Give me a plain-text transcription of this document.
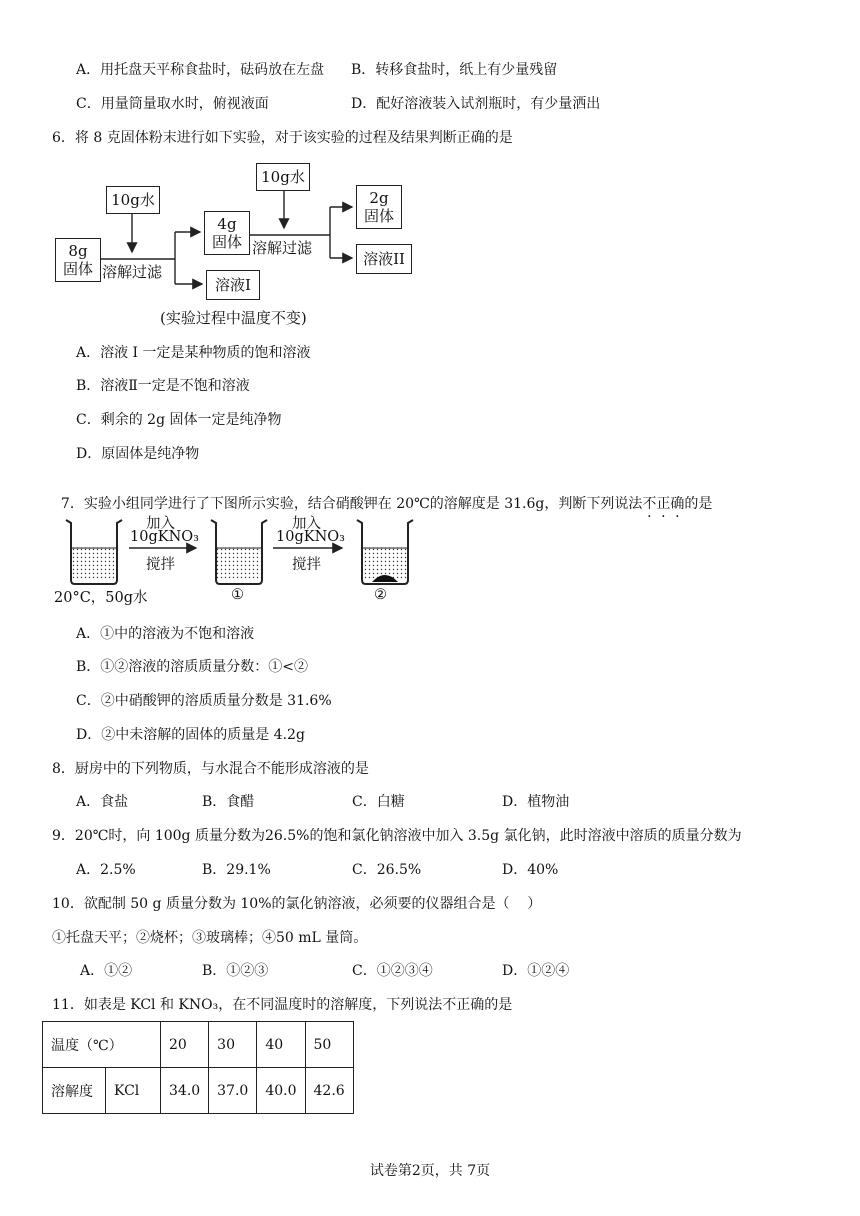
A．用托盘天平称食盐时，砝码放在左盘 B．转移食盐时，纸上有少量残留
C．用量筒量取水时，俯视液面	D．配好溶液装入试剂瓶时，有少量洒出
6．将 8 克固体粉末进行如下实验，对于该实验的过程及结果判断正确的是
10g水
8g
固体 溶解过滤
4g
固体
溶液I
10g水
溶解过滤
2g
固体
溶液II
(实验过程中温度不变)
A．溶液 I 一定是某种物质的饱和溶液
B．溶液Ⅱ一定是不饱和溶液
C．剩余的 2g 固体一定是纯净物
D．原固体是纯净物

7．实验小组同学进行了下图所示实验，结合硝酸钾在 20℃的溶解度是 31.6g，判断下列说法不正确的是

加入
10gKNO₃
搅拌
加入
10gKNO₃
搅拌
20°C，50g水	①	②
A．①中的溶液为不饱和溶液
B．①②溶液的溶质质量分数：①<②
C．②中硝酸钾的溶质质量分数是 31.6%
D．②中未溶解的固体的质量是 4.2g
8．厨房中的下列物质，与水混合不能形成溶液的是
A．食盐	B．食醋	C．白糖	D．植物油
9．20℃时，向 100g 质量分数为26.5%的饱和氯化钠溶液中加入 3.5g 氯化钠，此时溶液中溶质的质量分数为
A．2.5%	B．29.1%	C．26.5%	D．40%
10．欲配制 50 g 质量分数为 10%的氯化钠溶液，必须要的仪器组合是（    ）
①托盘天平；②烧杯；③玻璃棒；④50 mL 量筒。
A．①②	B．①②③	C．①②③④	D．①②④
11．如表是 KCl 和 KNO₃，在不同温度时的溶解度，下列说法不正确的是
温度（℃）		20	30	40	50
溶解度	KCl	34.0	37.0	40.0	42.6
试卷第2页，共 7页
